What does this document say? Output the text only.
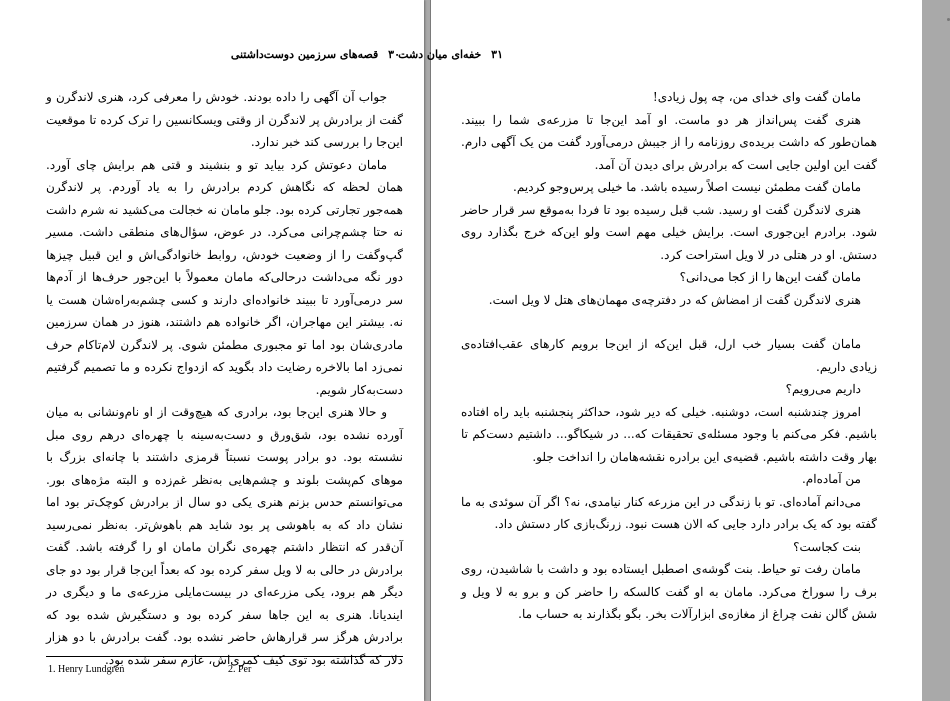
۳۰ قصه‌های سرزمین دوست‌داشتنی

جواب آن آگهی را داده بودند. خودش را معرفی کرد، هنری لاندگرن و گفت از برادرش پر لاندگرن از وقتی ویسکانسین را ترک کرده تا موقعیت این‌جا را بررسی کند خبر ندارد.

مامان دعوتش کرد بیاید تو و بنشیند و قتی هم برایش چای آورد. همان لحظه که نگاهش کردم برادرش را به یاد آوردم. پر لاندگرن همه‌جور تجارتی کرده بود. جلو مامان نه خجالت می‌کشید نه شرم داشت نه حتا چشم‌چرانی می‌کرد. در عوض، سؤال‌های منطقی داشت. مسیر گپ‌وگفت را از وضعیت خودش، روابط خانوادگی‌اش و این قبیل چیزها دور نگه می‌داشت درحالی‌که مامان معمولاً با این‌جور حرف‌ها از آدم‌ها سر درمی‌آورد تا ببیند خانواده‌ای دارند و کسی چشم‌به‌راه‌شان هست یا نه. بیشتر این مهاجران، اگر خانواده هم داشتند، هنوز در همان سرزمین مادری‌شان بود اما تو مجبوری مطمئن شوی. پر لاندگرن لام‌تاکام حرف نمی‌زد اما بالاخره رضایت داد بگوید که ازدواج نکرده و ما تصمیم گرفتیم دست‌به‌کار شویم.

و حالا هنری این‌جا بود، برادری که هیچ‌وقت از او نام‌ونشانی به میان آورده نشده بود، شق‌ورق و دست‌به‌سینه با چهره‌ای درهم روی مبل نشسته بود. دو برادر پوست نسبتاً قرمزی داشتند با چانه‌ای بزرگ با موهای کم‌پشت بلوند و چشم‌هایی به‌نظر غم‌زده و البته مژه‌های بور. می‌توانستم حدس بزنم هنری یکی دو سال از برادرش کوچک‌تر بود اما نشان داد که به باهوشی پر بود شاید هم باهوش‌تر. به‌نظر نمی‌رسید آن‌قدر که انتظار داشتم چهره‌ی نگران مامان او را گرفته باشد. گفت برادرش در حالی به لا ویل سفر کرده بود که بعداً این‌جا قرار بود دو جای دیگر هم برود، یکی مزرعه‌ای در بیست‌مایلی مزرعه‌ی ما و دیگری در ایندیانا. هنری به این جاها سفر کرده بود و دستگیرش شده بود که برادرش هرگز سر قرارهاش حاضر نشده بود. گفت برادرش با دو هزار دلار که گذاشته بود توی کیف کمری‌اش، عازم سفر شده بود.

1. Henry Lundgren	2. Per
۳۱ خفه‌ای میان دشت

مامان گفت وای خدای من، چه پول زیادی!

هنری گفت پس‌انداز هر دو ماست. او آمد این‌جا تا مزرعه‌ی شما را ببیند. همان‌طور که داشت بریده‌ی روزنامه را از جیبش درمی‌آورد گفت من یک آگهی دارم. گفت این اولین جایی است که برادرش برای دیدن آن آمد.

مامان گفت مطمئن نیست اصلاً رسیده باشد. ما خیلی پرس‌وجو کردیم.

هنری لاندگرن گفت او رسید. شب قبل رسیده بود تا فردا به‌موقع سر قرار حاضر شود. برادرم این‌جوری است. برایش خیلی مهم است ولو این‌که خرج بگذارد روی دستش. او در هتلی در لا ویل استراحت کرد.

مامان گفت این‌ها را از کجا می‌دانی؟

هنری لاندگرن گفت از امضاش که در دفترچه‌ی مهمان‌های هتل لا ویل است.

مامان گفت بسیار خب ارل، قبل این‌که از این‌جا برویم کارهای عقب‌افتاده‌ی زیادی داریم.

داریم می‌رویم؟

امروز چندشنبه است، دوشنبه. خیلی که دیر شود، حداکثر پنجشنبه باید راه افتاده باشیم. فکر می‌کنم با وجود مسئله‌ی تحقیقات که... در شیکاگو... داشتیم دست‌کم تا بهار وقت داشته باشیم. قضیه‌ی این برادره نقشه‌هامان را انداخت جلو.

من آماده‌ام.

می‌دانم آماده‌ای. تو با زندگی در این مزرعه کنار نیامدی، نه؟ اگر آن سوئدی به ما گفته بود که یک برادر دارد جایی که الان هست نبود. زرنگ‌بازی کار دستش داد.

بنت کجاست؟

مامان رفت تو حیاط. بنت گوشه‌ی اصطبل ایستاده بود و داشت با شاشیدن، روی برف را سوراخ می‌کرد. مامان به او گفت کالسکه را حاضر کن و برو به لا ویل و شش گالن نفت چراغ از مغازه‌ی ابزارآلات بخر. بگو بگذارند به حساب ما.
